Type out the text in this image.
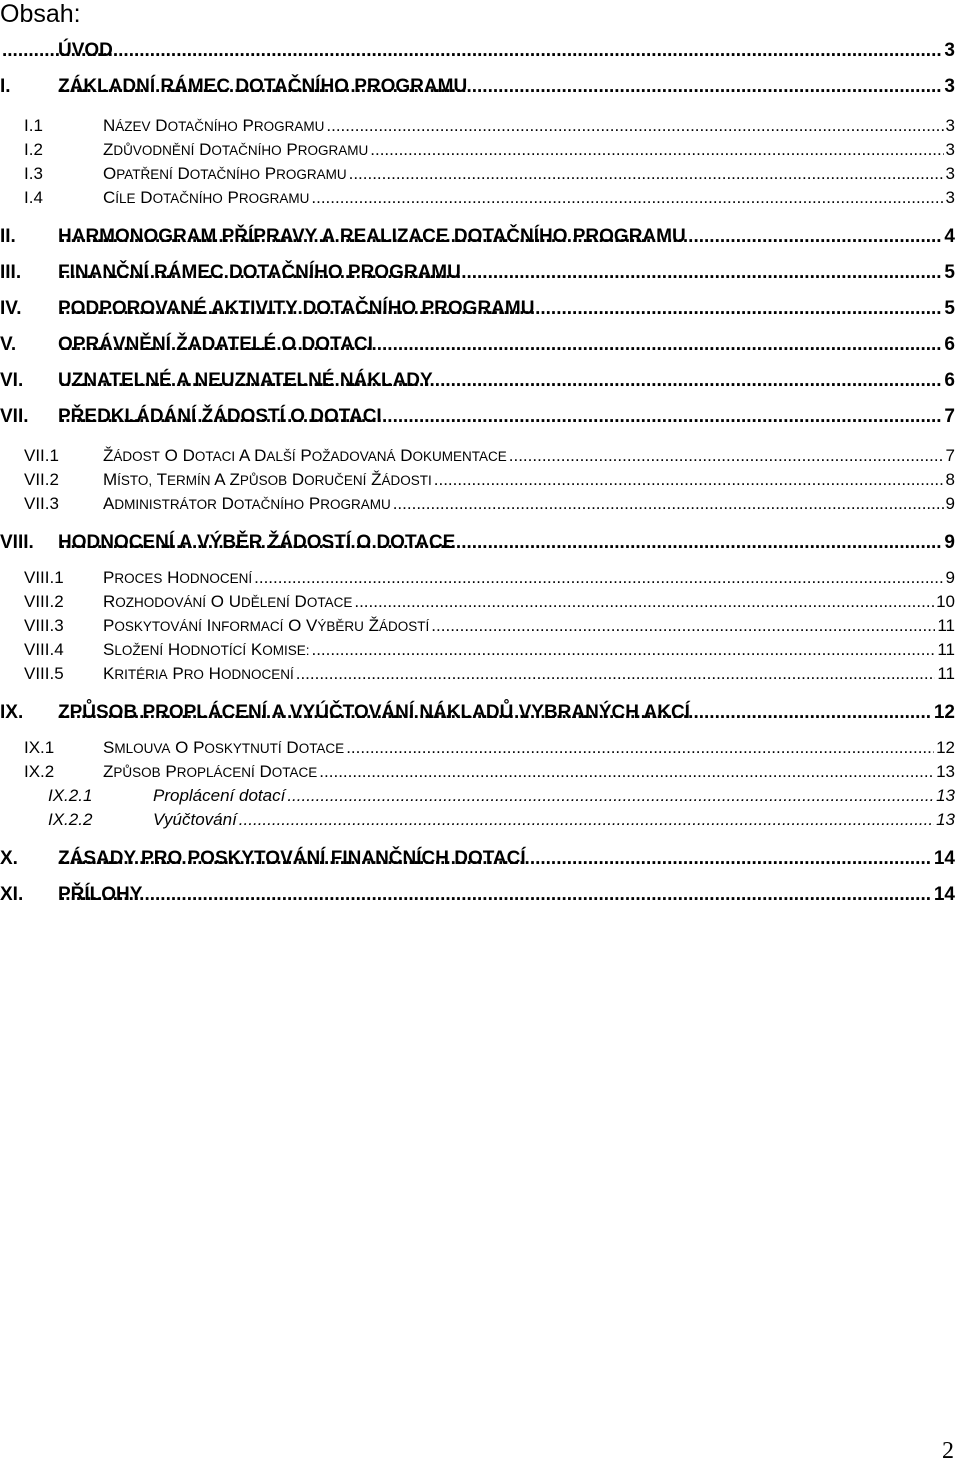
Obsah:
ÚVOD .....	3
I. ZÁKLADNÍ RÁMEC DOTAČNÍHO PROGRAMU .....	3
I.1	NÁZEV DOTAČNÍHO PROGRAMU .....	3
I.2	ZDŮVODNĚNÍ DOTAČNÍHO PROGRAMU .....	3
I.3	OPATŘENÍ DOTAČNÍHO PROGRAMU .....	3
I.4	CÍLE DOTAČNÍHO PROGRAMU .....	3
II. HARMONOGRAM PŘÍPRAVY A REALIZACE DOTAČNÍHO PROGRAMU .....	4
III. FINANČNÍ RÁMEC DOTAČNÍHO PROGRAMU .....	5
IV. PODPOROVANÉ AKTIVITY DOTAČNÍHO PROGRAMU .....	5
V. OPRÁVNĚNÍ ŽADATELÉ O DOTACI .....	6
VI. UZNATELNÉ A NEUZNATELNÉ NÁKLADY .....	6
VII. PŘEDKLÁDÁNÍ ŽÁDOSTÍ O DOTACI .....	7
VII.1	ŽÁDOST O DOTACI A DALŠÍ POŽADOVANÁ DOKUMENTACE .....	7
VII.2	MÍSTO, TERMÍN A ZPŮSOB DORUČENÍ ŽÁDOSTI .....	8
VII.3	ADMINISTRÁTOR DOTAČNÍHO PROGRAMU .....	9
VIII. HODNOCENÍ A VÝBĚR ŽÁDOSTÍ O DOTACE .....	9
VIII.1 PROCES HODNOCENÍ .....	9
VIII.2 ROZHODOVÁNÍ O UDĚLENÍ DOTACE .....	10
VIII.3 POSKYTOVÁNÍ INFORMACÍ O VÝBĚRU ŽÁDOSTÍ .....	11
VIII.4 SLOŽENÍ HODNOTÍCÍ KOMISE: .....	11
VIII.5 KRITÉRIA PRO HODNOCENÍ .....	11
IX. ZPŮSOB PROPLÁCENÍ A VYÚČTOVÁNÍ NÁKLADŮ VYBRANÝCH AKCÍ .....	12
IX.1	SMLOUVA O POSKYTNUTÍ DOTACE .....	12
IX.2	ZPŮSOB PROPLÁCENÍ DOTACE .....	13
IX.2.1	Proplácení dotací .....	13
IX.2.2	Vyúčtování .....	13
X. ZÁSADY PRO POSKYTOVÁNÍ FINANČNÍCH DOTACÍ .....	14
XI. PŘÍLOHY .....	14
2
